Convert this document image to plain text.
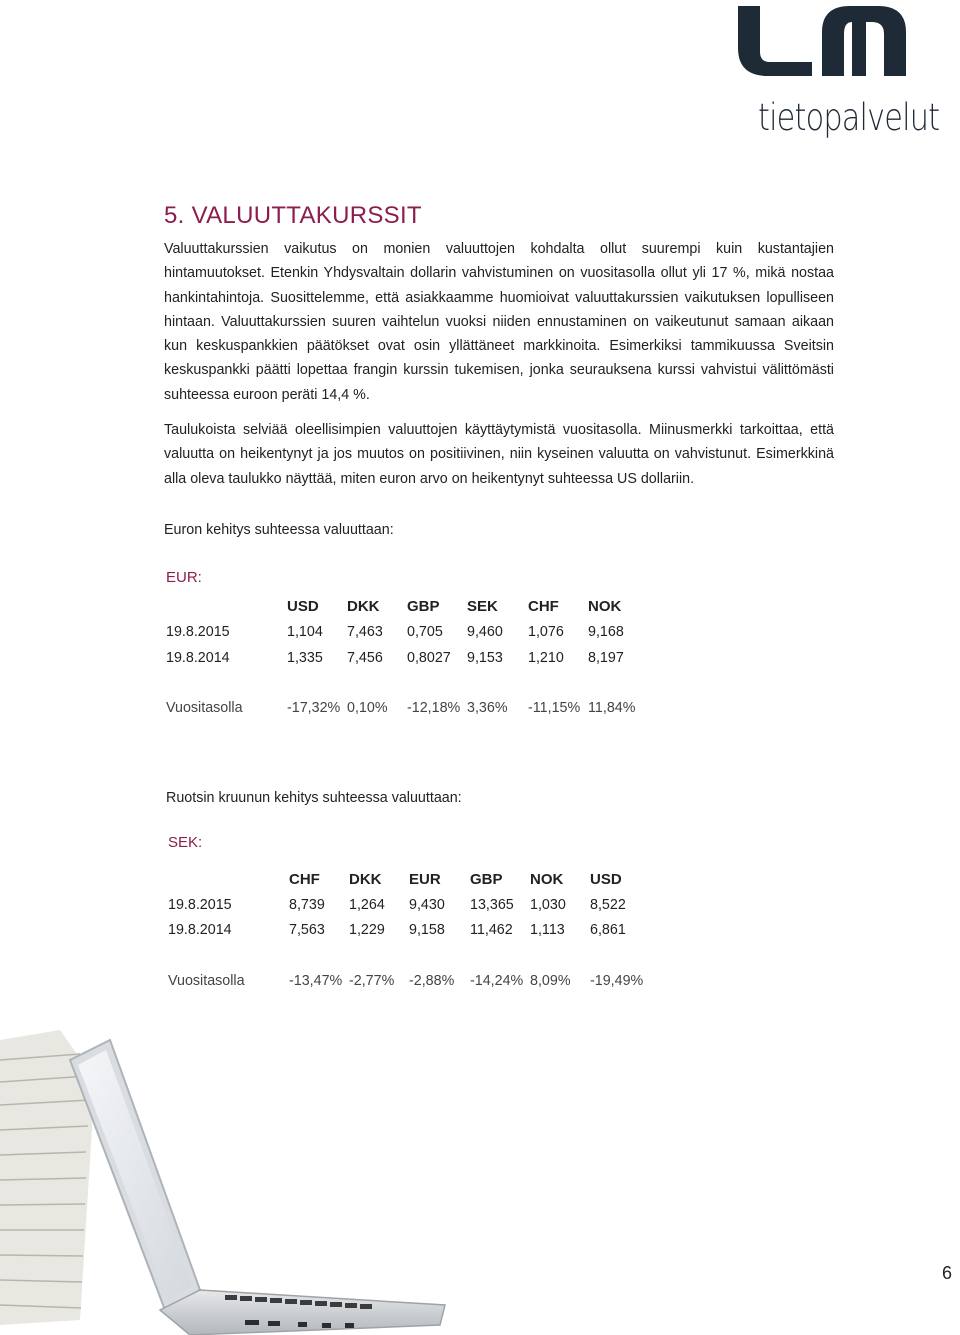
tietopalvelut
5. VALUUTTAKURSSIT
Valuuttakurssien vaikutus on monien valuuttojen kohdalta ollut suurempi kuin kustantajien hintamuutokset. Etenkin Yhdysvaltain dollarin vahvistuminen on vuositasolla ollut yli 17 %, mikä nostaa hankintahintoja. Suosittelemme, että asiakkaamme huomioivat valuuttakurssien vaikutuksen lopulliseen hintaan. Valuuttakurssien suuren vaihtelun vuoksi niiden ennustaminen on vaikeutunut samaan aikaan kun keskuspankkien päätökset ovat osin yllättäneet markkinoita. Esimerkiksi tammikuussa Sveitsin keskuspankki päätti lopettaa frangin kurssin tukemisen, jonka seurauksena kurssi vahvistui välittömästi suhteessa euroon peräti 14,4 %.
Taulukoista selviää oleellisimpien valuuttojen käyttäytymistä vuositasolla. Miinusmerkki tarkoittaa, että valuutta on heikentynyt ja jos muutos on positiivinen, niin kyseinen valuutta on vahvistunut. Esimerkkinä alla oleva taulukko näyttää, miten euron arvo on heikentynyt suhteessa US dollariin.
Euron kehitys suhteessa valuuttaan:
EUR:
USD DKK GBP SEK CHF NOK
19.8.2015	1,104 7,463 0,705 9,460 1,076 9,168
19.8.2014	1,335 7,456 0,8027 9,153 1,210 8,197
Vuositasolla	-17,32% 0,10% -12,18% 3,36% -11,15% 11,84%
Ruotsin kruunun kehitys suhteessa valuuttaan:
SEK:
CHF DKK EUR GBP NOK USD
19.8.2015	8,739 1,264 9,430 13,365 1,030 8,522
19.8.2014	7,563 1,229 9,158 11,462 1,113 6,861
Vuositasolla	-13,47% -2,77% -2,88% -14,24% 8,09% -19,49%
6
